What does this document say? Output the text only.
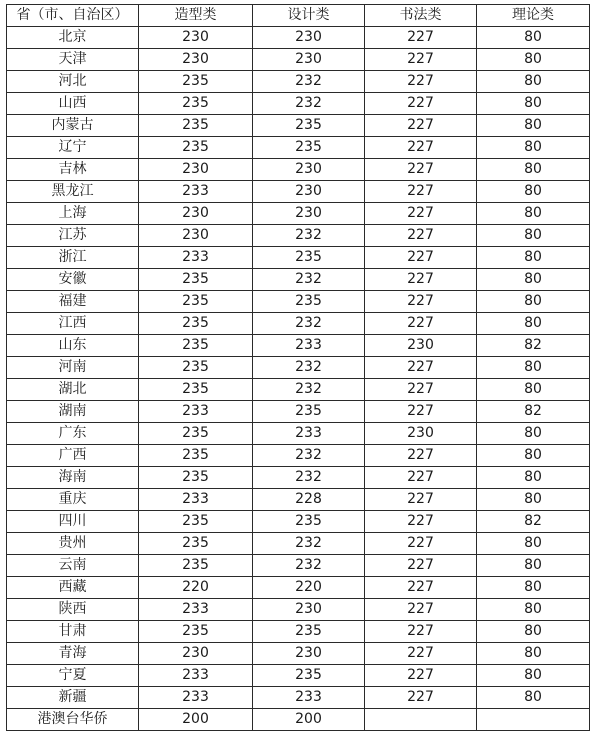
省（市、自治区）	造型类	设计类	书法类	理论类
北京	230	230	227	80
天津	230	230	227	80
河北	235	232	227	80
山西	235	232	227	80
内蒙古	235	235	227	80
辽宁	235	235	227	80
吉林	230	230	227	80
黑龙江	233	230	227	80
上海	230	230	227	80
江苏	230	232	227	80
浙江	233	235	227	80
安徽	235	232	227	80
福建	235	235	227	80
江西	235	232	227	80
山东	235	233	230	82
河南	235	232	227	80
湖北	235	232	227	80
湖南	233	235	227	82
广东	235	233	230	80
广西	235	232	227	80
海南	235	232	227	80
重庆	233	228	227	80
四川	235	235	227	82
贵州	235	232	227	80
云南	235	232	227	80
西藏	220	220	227	80
陕西	233	230	227	80
甘肃	235	235	227	80
青海	230	230	227	80
宁夏	233	235	227	80
新疆	233	233	227	80
港澳台华侨	200	200		
